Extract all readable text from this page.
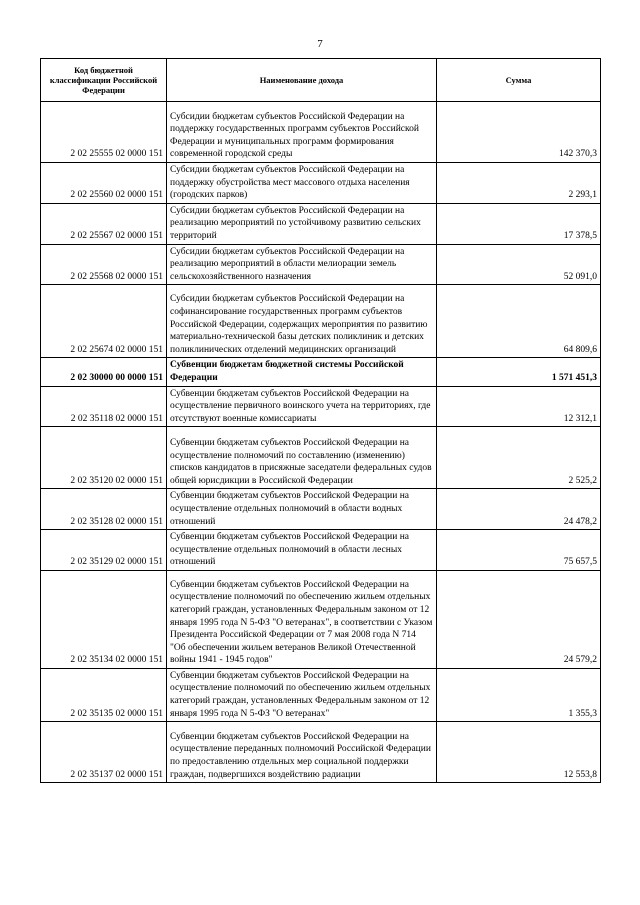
7
Код бюджетной классификации Российской Федерации	Наименование дохода	Сумма
2 02 25555 02 0000 151	Субсидии бюджетам субъектов Российской Федерации на поддержку государственных программ субъектов Российской Федерации и муниципальных программ формирования современной городской среды	142 370,3
2 02 25560 02 0000 151	Субсидии бюджетам субъектов Российской Федерации на поддержку обустройства мест массового отдыха населения (городских парков)	2 293,1
2 02 25567 02 0000 151	Субсидии бюджетам субъектов Российской Федерации на реализацию мероприятий по устойчивому развитию сельских территорий	17 378,5
2 02 25568 02 0000 151	Субсидии бюджетам субъектов Российской Федерации на реализацию мероприятий в области мелиорации земель сельскохозяйственного назначения	52 091,0
2 02 25674 02 0000 151	Субсидии бюджетам субъектов Российской Федерации на софинансирование государственных программ субъектов Российской Федерации, содержащих мероприятия по развитию материально-технической базы детских поликлиник и детских поликлинических отделений медицинских организаций	64 809,6
2 02 30000 00 0000 151	Субвенции бюджетам бюджетной системы Российской Федерации	1 571 451,3
2 02 35118 02 0000 151	Субвенции бюджетам субъектов Российской Федерации на осуществление первичного воинского учета на территориях, где отсутствуют военные комиссариаты	12 312,1
2 02 35120 02 0000 151	Субвенции бюджетам субъектов Российской Федерации на осуществление полномочий по составлению (изменению) списков кандидатов в присяжные заседатели федеральных судов общей юрисдикции в Российской Федерации	2 525,2
2 02 35128 02 0000 151	Субвенции бюджетам субъектов Российской Федерации на осуществление отдельных полномочий в области водных отношений	24 478,2
2 02 35129 02 0000 151	Субвенции бюджетам субъектов Российской Федерации на осуществление отдельных полномочий в области лесных отношений	75 657,5
2 02 35134 02 0000 151	Субвенции бюджетам субъектов Российской Федерации на осуществление полномочий по обеспечению жильем отдельных категорий граждан, установленных Федеральным законом от 12 января 1995 года N 5-ФЗ "О ветеранах", в соответствии с Указом Президента Российской Федерации от 7 мая 2008 года N 714 "Об обеспечении жильем ветеранов Великой Отечественной войны 1941 - 1945 годов"	24 579,2
2 02 35135 02 0000 151	Субвенции бюджетам субъектов Российской Федерации на осуществление полномочий по обеспечению жильем отдельных категорий граждан, установленных Федеральным законом от 12 января 1995 года N 5-ФЗ "О ветеранах"	1 355,3
2 02 35137 02 0000 151	Субвенции бюджетам субъектов Российской Федерации на осуществление переданных полномочий Российской Федерации по предоставлению отдельных мер социальной поддержки граждан, подвергшихся воздействию радиации	12 553,8
